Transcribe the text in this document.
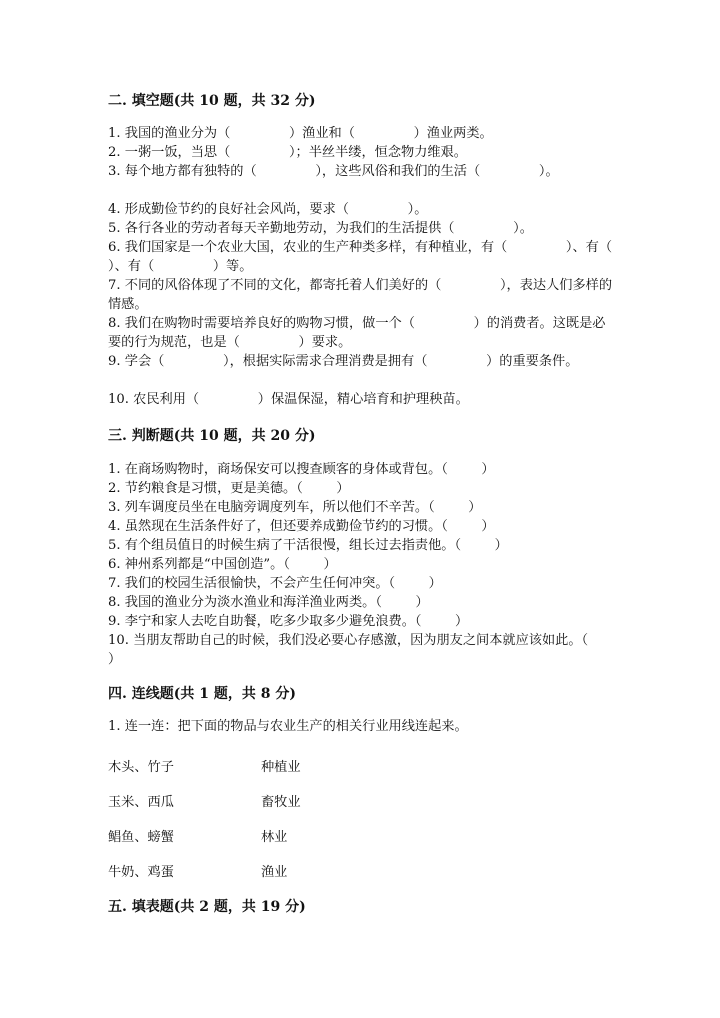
二. 填空题(共 10 题，共 32 分)
1. 我国的渔业分为（              ）渔业和（              ）渔业两类。
2. 一粥一饭，当思（              ）；半丝半缕，恒念物力维艰。
3. 每个地方都有独特的（              ），这些风俗和我们的生活（              ）。
4. 形成勤俭节约的良好社会风尚，要求（              ）。
5. 各行各业的劳动者每天辛勤地劳动，为我们的生活提供（              ）。
6. 我们国家是一个农业大国，农业的生产种类多样，有种植业，有（              ）、有（              ）、有（              ）等。
7. 不同的风俗体现了不同的文化，都寄托着人们美好的（              ），表达人们多样的情感。
8. 我们在购物时需要培养良好的购物习惯，做一个（              ）的消费者。这既是必要的行为规范，也是（              ）要求。
9. 学会（              ），根据实际需求合理消费是拥有（              ）的重要条件。
10. 农民利用（              ）保温保湿，精心培育和护理秧苗。
三. 判断题(共 10 题，共 20 分)
1. 在商场购物时，商场保安可以搜查顾客的身体或背包。（        ）
2. 节约粮食是习惯，更是美德。（        ）
3. 列车调度员坐在电脑旁调度列车，所以他们不辛苦。（        ）
4. 虽然现在生活条件好了，但还要养成勤俭节约的习惯。（        ）
5. 有个组员值日的时候生病了干活很慢，组长过去指责他。（        ）
6. 神州系列都是“中国创造”。（        ）
7. 我们的校园生活很愉快，不会产生任何冲突。（        ）
8. 我国的渔业分为淡水渔业和海洋渔业两类。（        ）
9. 李宁和家人去吃自助餐，吃多少取多少避免浪费。（        ）
10. 当朋友帮助自己的时候，我们没必要心存感激，因为朋友之间本就应该如此。（        ）
四. 连线题(共 1 题，共 8 分)
1. 连一连：把下面的物品与农业生产的相关行业用线连起来。
木头、竹子	种植业
玉米、西瓜	畜牧业
鲳鱼、螃蟹	林业
牛奶、鸡蛋	渔业
五. 填表题(共 2 题，共 19 分)
